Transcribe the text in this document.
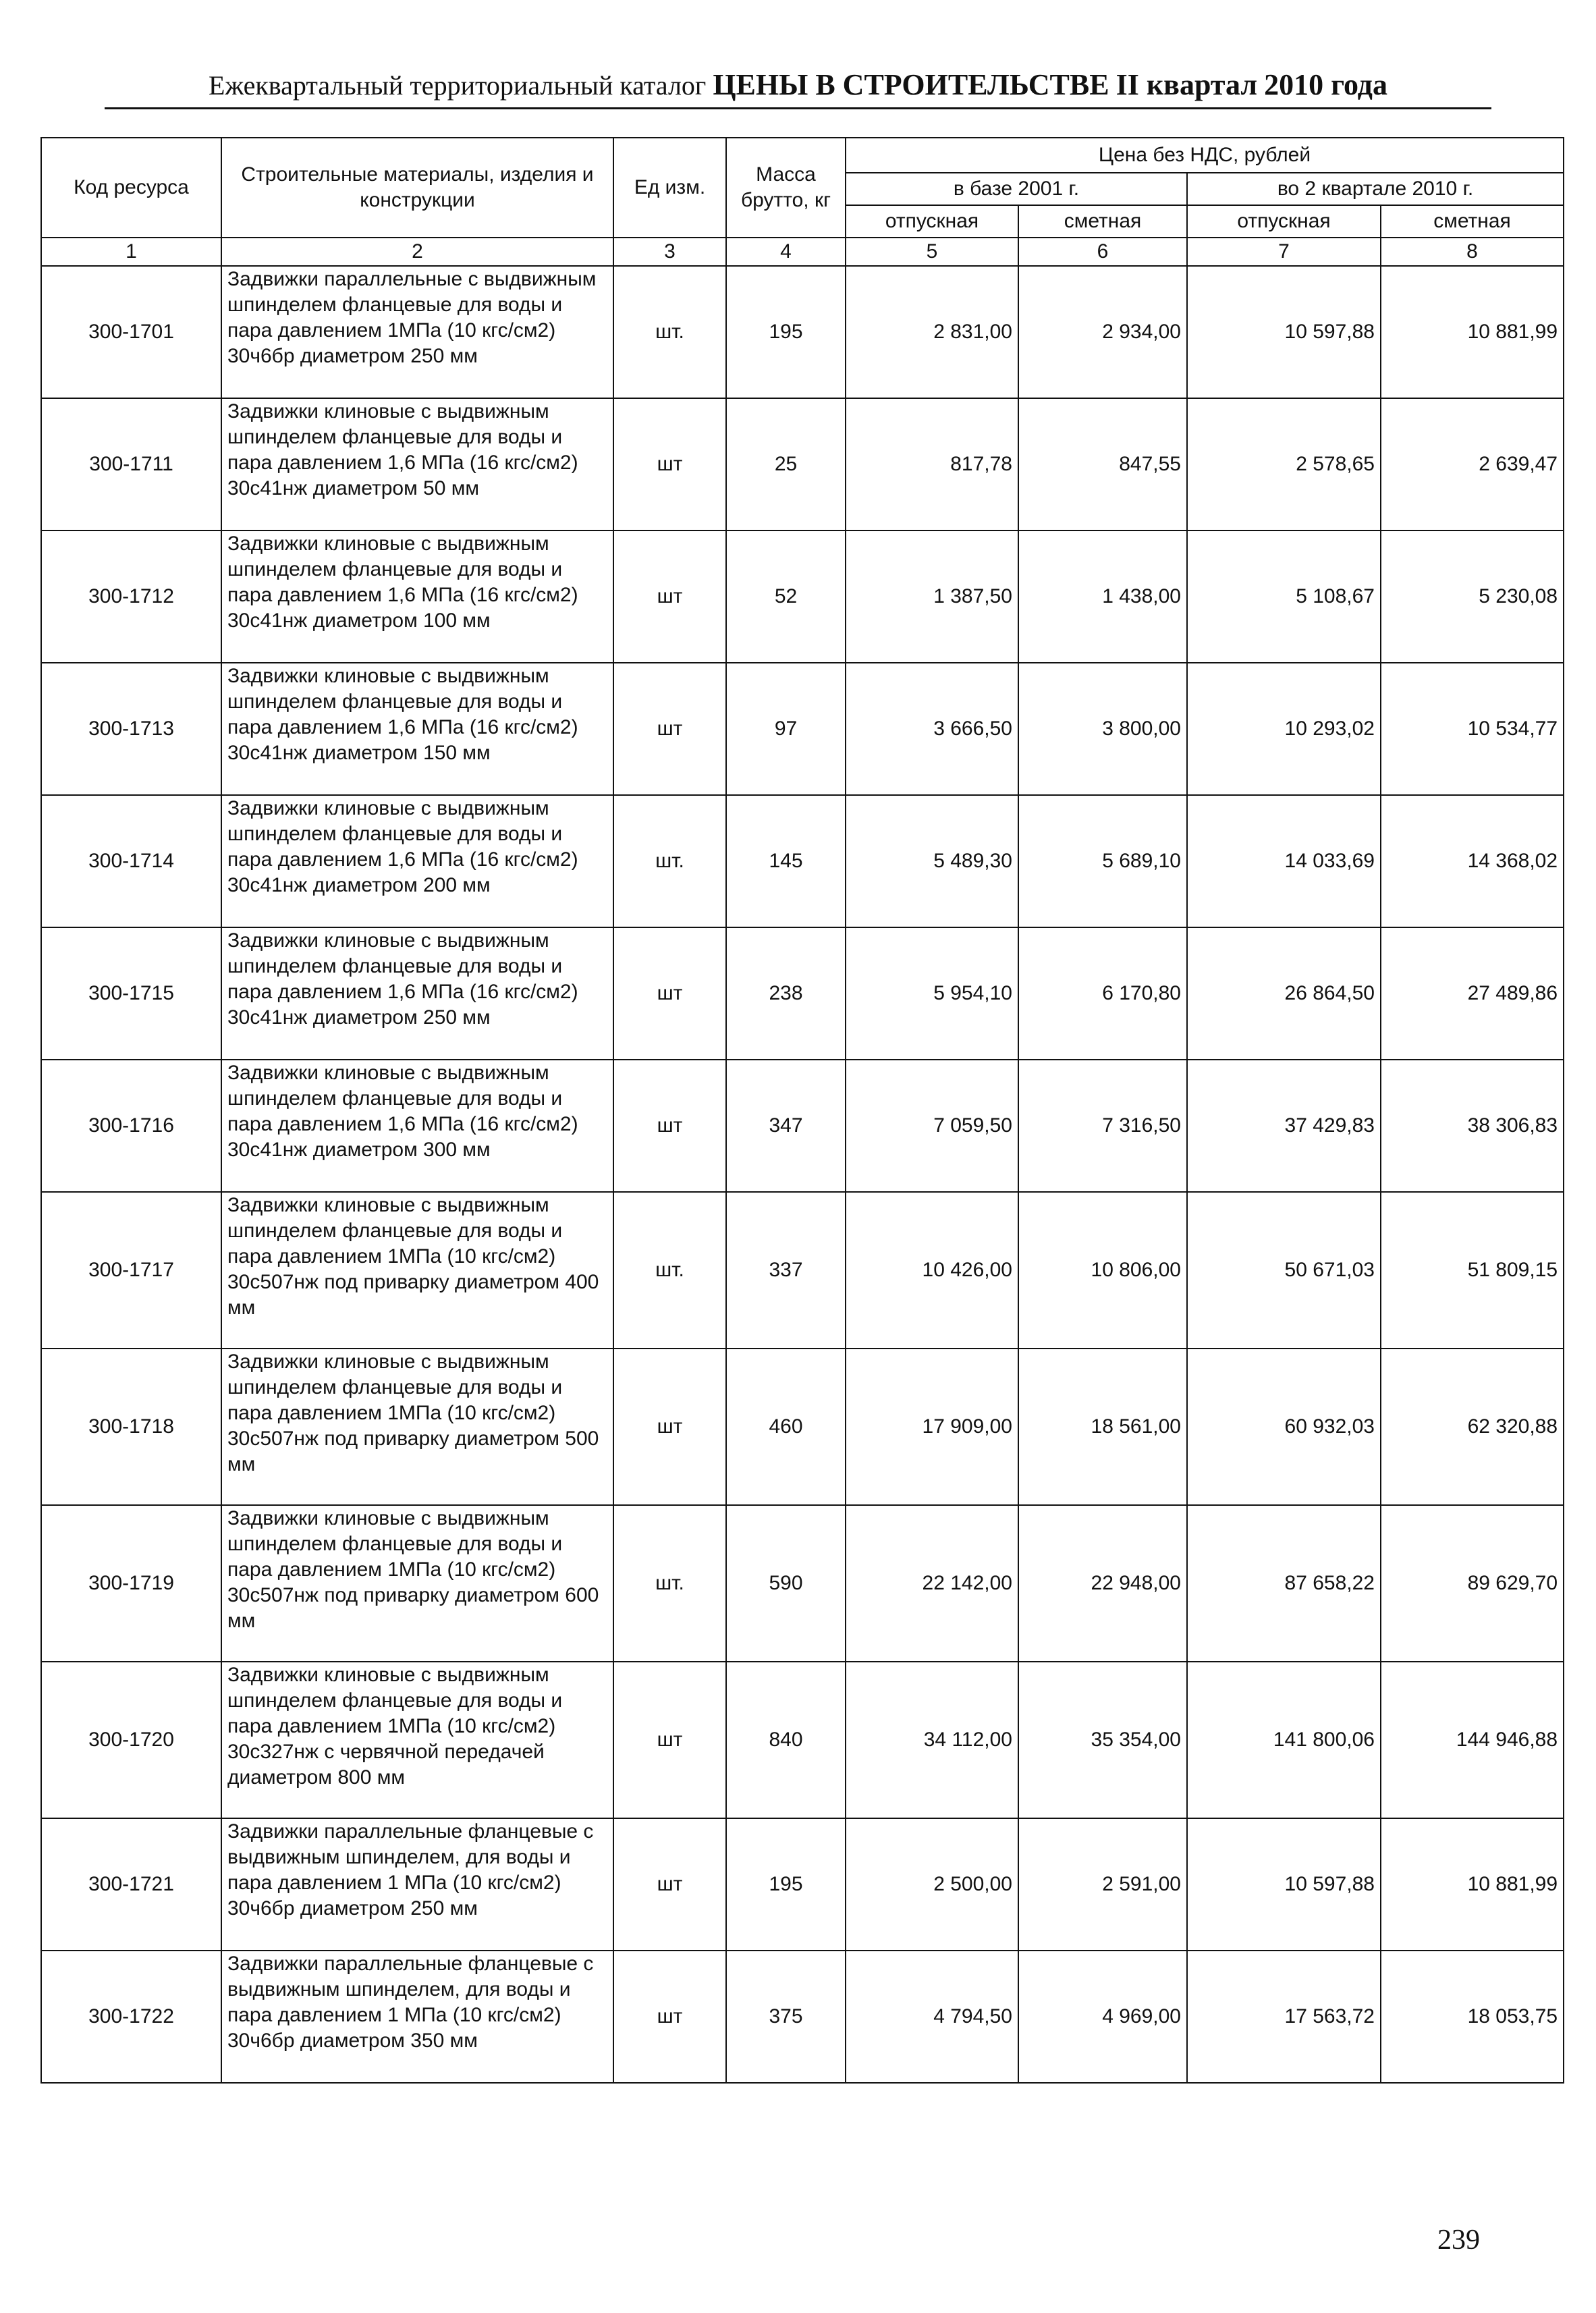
Ежеквартальный территориальный каталог ЦЕНЫ В СТРОИТЕЛЬСТВЕ II квартал 2010 года
Код ресурса	Строительные материалы, изделия и конструкции	Ед изм.	Масса брутто, кг	Цена без НДС, рублей			
				в базе 2001 г.		во 2 квартале 2010 г.	
				отпускная	сметная	отпускная	сметная
1	2	3	4	5	6	7	8
300-1701	Задвижки параллельные с выдвижным шпинделем фланцевые для воды и пара давлением 1МПа (10 кгс/см2) 30ч6бр диаметром 250 мм	шт.	195	2 831,00	2 934,00	10 597,88	10 881,99
300-1711	Задвижки клиновые с выдвижным шпинделем фланцевые для воды и пара давлением 1,6 МПа (16 кгс/см2) 30с41нж диаметром 50 мм	шт	25	817,78	847,55	2 578,65	2 639,47
300-1712	Задвижки клиновые с выдвижным шпинделем фланцевые для воды и пара давлением 1,6 МПа (16 кгс/см2) 30с41нж диаметром 100 мм	шт	52	1 387,50	1 438,00	5 108,67	5 230,08
300-1713	Задвижки клиновые с выдвижным шпинделем фланцевые для воды и пара давлением 1,6 МПа (16 кгс/см2) 30с41нж диаметром 150 мм	шт	97	3 666,50	3 800,00	10 293,02	10 534,77
300-1714	Задвижки клиновые с выдвижным шпинделем фланцевые для воды и пара давлением 1,6 МПа (16 кгс/см2) 30с41нж диаметром 200 мм	шт.	145	5 489,30	5 689,10	14 033,69	14 368,02
300-1715	Задвижки клиновые с выдвижным шпинделем фланцевые для воды и пара давлением 1,6 МПа (16 кгс/см2) 30с41нж диаметром 250 мм	шт	238	5 954,10	6 170,80	26 864,50	27 489,86
300-1716	Задвижки клиновые с выдвижным шпинделем фланцевые для воды и пара давлением 1,6 МПа (16 кгс/см2) 30с41нж диаметром 300 мм	шт	347	7 059,50	7 316,50	37 429,83	38 306,83
300-1717	Задвижки клиновые с выдвижным шпинделем фланцевые для воды и пара давлением 1МПа (10 кгс/см2) 30с507нж под приварку диаметром 400 мм	шт.	337	10 426,00	10 806,00	50 671,03	51 809,15
300-1718	Задвижки клиновые с выдвижным шпинделем фланцевые для воды и пара давлением 1МПа (10 кгс/см2) 30с507нж под приварку диаметром 500 мм	шт	460	17 909,00	18 561,00	60 932,03	62 320,88
300-1719	Задвижки клиновые с выдвижным шпинделем фланцевые для воды и пара давлением 1МПа (10 кгс/см2) 30с507нж под приварку диаметром 600 мм	шт.	590	22 142,00	22 948,00	87 658,22	89 629,70
300-1720	Задвижки клиновые с выдвижным шпинделем фланцевые для воды и пара давлением 1МПа (10 кгс/см2) 30с327нж с червячной передачей диаметром 800 мм	шт	840	34 112,00	35 354,00	141 800,06	144 946,88
300-1721	Задвижки параллельные фланцевые с выдвижным шпинделем, для воды и пара давлением 1 МПа (10 кгс/см2) 30ч6бр диаметром 250 мм	шт	195	2 500,00	2 591,00	10 597,88	10 881,99
300-1722	Задвижки параллельные фланцевые с выдвижным шпинделем, для воды и пара давлением 1 МПа (10 кгс/см2) 30ч6бр диаметром 350 мм	шт	375	4 794,50	4 969,00	17 563,72	18 053,75
239
